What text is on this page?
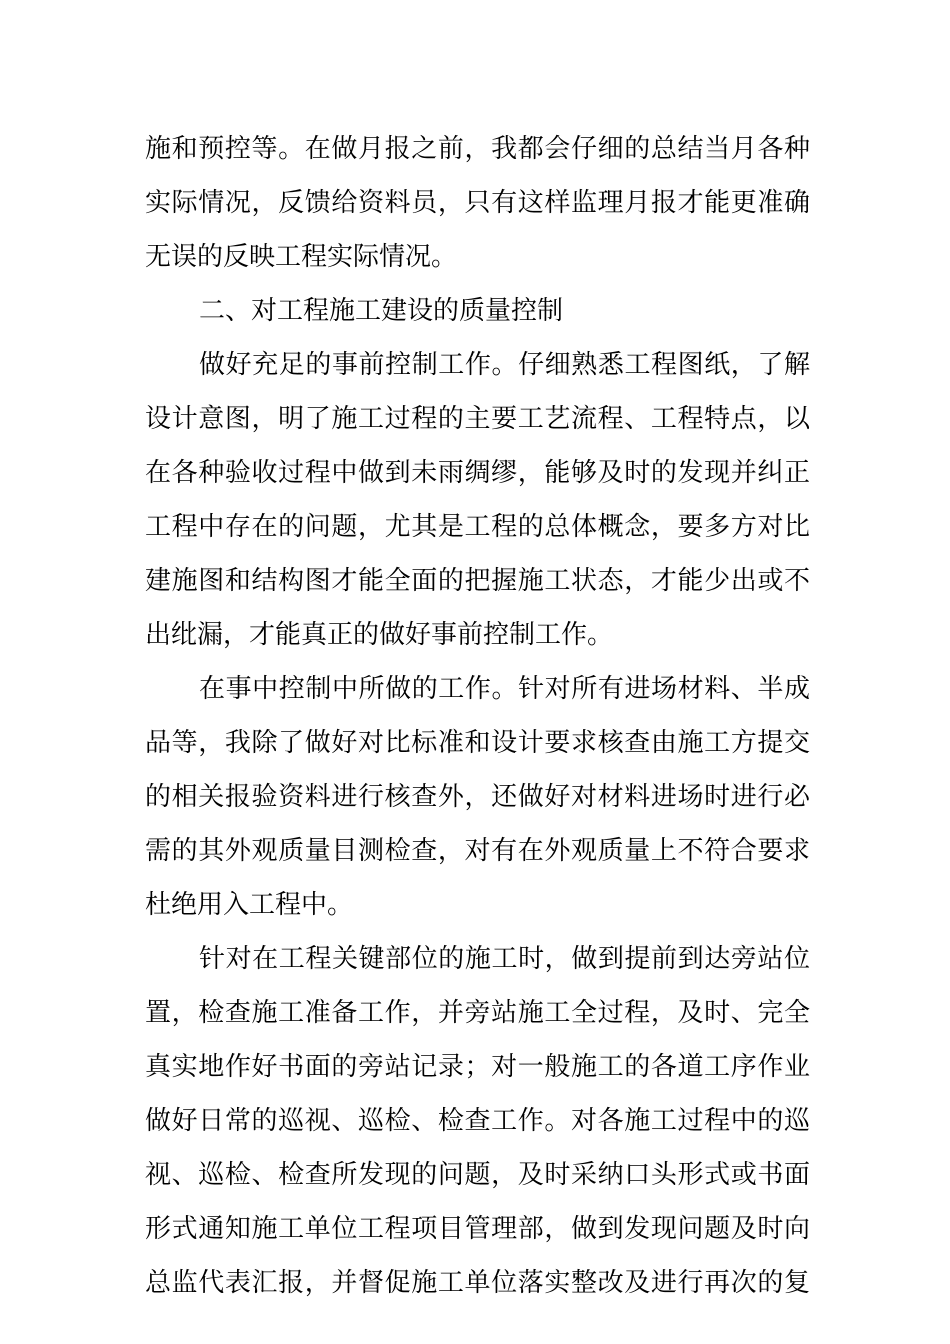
施和预控等。在做月报之前，我都会仔细的总结当月各种
实际情况，反馈给资料员，只有这样监理月报才能更准确
无误的反映工程实际情况。
二、对工程施工建设的质量控制
做好充足的事前控制工作。仔细熟悉工程图纸，了解
设计意图，明了施工过程的主要工艺流程、工程特点，以
在各种验收过程中做到未雨绸缪，能够及时的发现并纠正
工程中存在的问题，尤其是工程的总体概念，要多方对比
建施图和结构图才能全面的把握施工状态，才能少出或不
出纰漏，才能真正的做好事前控制工作。
在事中控制中所做的工作。针对所有进场材料、半成
品等，我除了做好对比标准和设计要求核查由施工方提交
的相关报验资料进行核查外，还做好对材料进场时进行必
需的其外观质量目测检查，对有在外观质量上不符合要求
杜绝用入工程中。
针对在工程关键部位的施工时，做到提前到达旁站位
置，检查施工准备工作，并旁站施工全过程，及时、完全
真实地作好书面的旁站记录；对一般施工的各道工序作业
做好日常的巡视、巡检、检查工作。对各施工过程中的巡
视、巡检、检查所发现的问题，及时采纳口头形式或书面
形式通知施工单位工程项目管理部，做到发现问题及时向
总监代表汇报，并督促施工单位落实整改及进行再次的复
